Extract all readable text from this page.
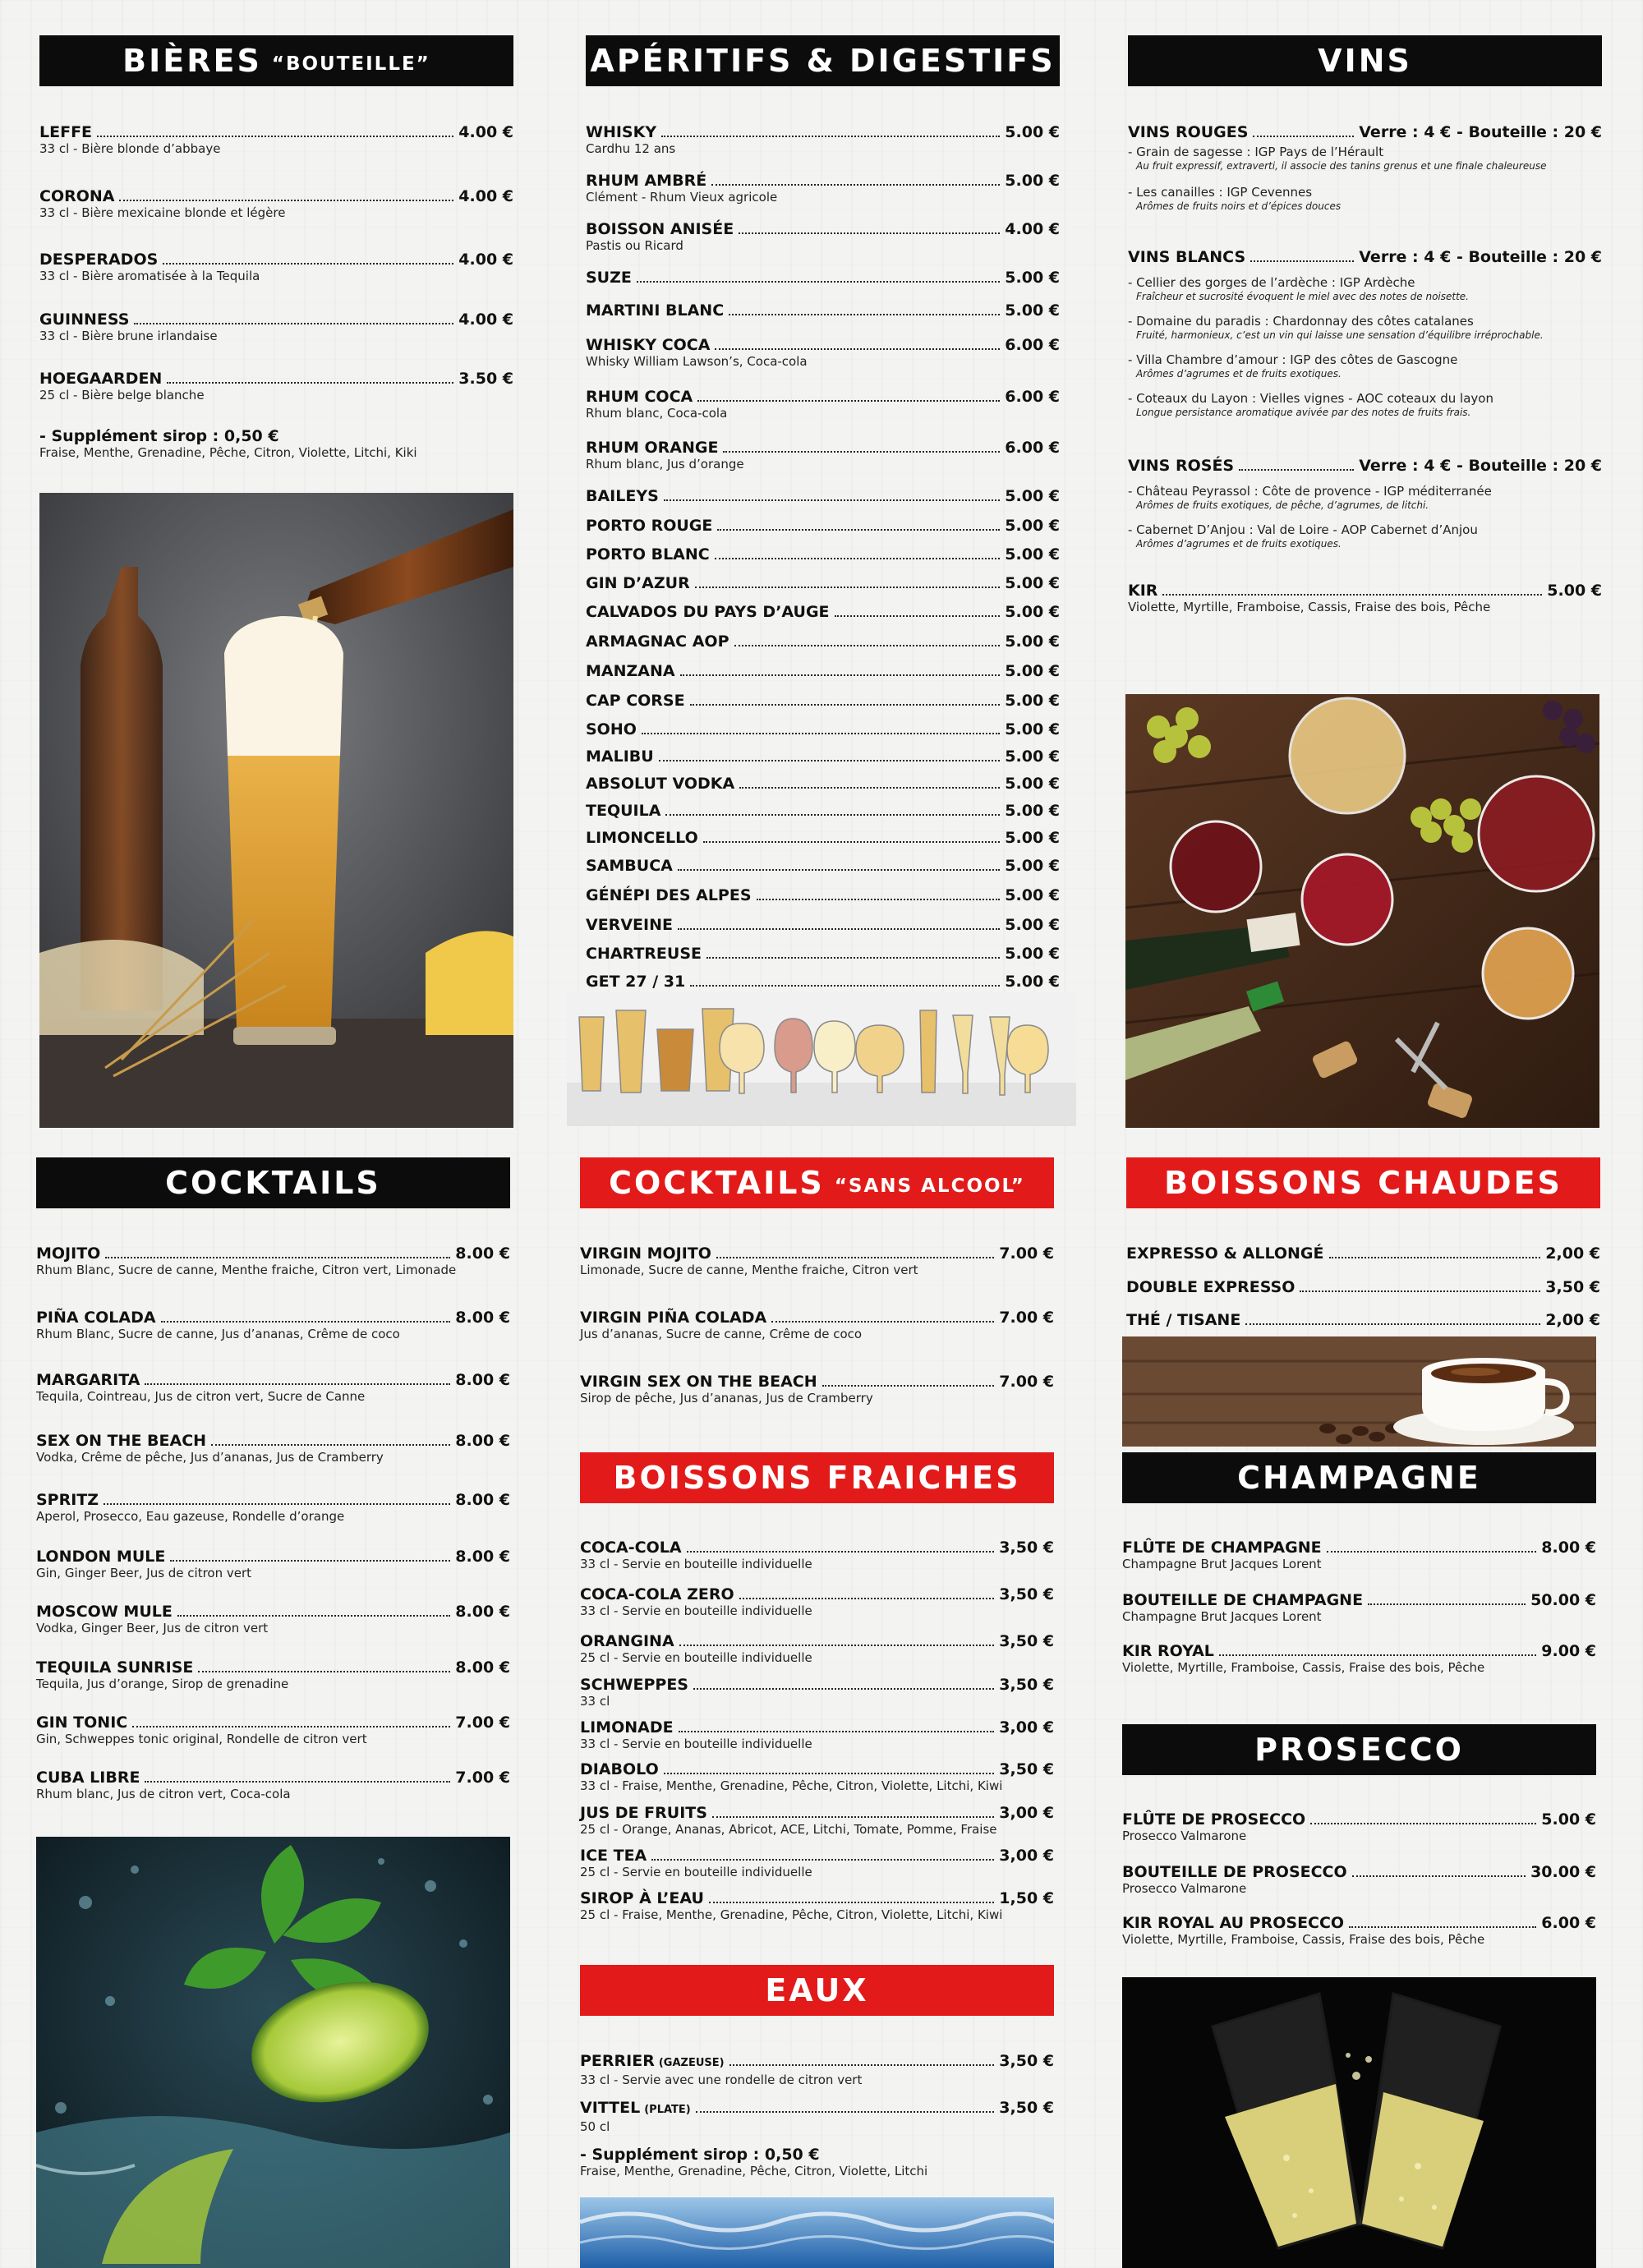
BIÈRES “BOUTEILLE”	APÉRITIFS & DIGESTIFS	VINS
COCKTAILS	COCKTAILS “SANS ALCOOL”	BOISSONS CHAUDES
BOISSONS FRAICHES	CHAMPAGNE
PROSECCO
EAUX
LEFFE	4.00 €
33 cl - Bière blonde d’abbaye
CORONA	4.00 €
33 cl - Bière mexicaine blonde et légère
DESPERADOS	4.00 €
33 cl - Bière aromatisée à la Tequila
GUINNESS	4.00 €
33 cl - Bière brune irlandaise
HOEGAARDEN	3.50 €
25 cl - Bière belge blanche
- Supplément sirop : 0,50 €
Fraise, Menthe, Grenadine, Pêche, Citron, Violette, Litchi, Kiki
WHISKY	5.00 €
Cardhu 12 ans
RHUM AMBRÉ	5.00 €
Clément - Rhum Vieux agricole
BOISSON ANISÉE	4.00 €
Pastis ou Ricard
SUZE	5.00 €
MARTINI BLANC	5.00 €
WHISKY COCA	6.00 €
Whisky William Lawson’s, Coca-cola
RHUM COCA	6.00 €
Rhum blanc, Coca-cola
RHUM ORANGE	6.00 €
Rhum blanc, Jus d’orange
BAILEYS	5.00 €
PORTO ROUGE	5.00 €
PORTO BLANC	5.00 €
GIN D’AZUR	5.00 €
CALVADOS DU PAYS D’AUGE	5.00 €
ARMAGNAC AOP	5.00 €
MANZANA	5.00 €
CAP CORSE	5.00 €
SOHO	5.00 €
MALIBU	5.00 €
ABSOLUT VODKA	5.00 €
TEQUILA	5.00 €
LIMONCELLO	5.00 €
SAMBUCA	5.00 €
GÉNÉPI DES ALPES	5.00 €
VERVEINE	5.00 €
CHARTREUSE	5.00 €
GET 27 / 31	5.00 €
VINS ROUGES	Verre : 4 € - Bouteille : 20 €
- Grain de sagesse : IGP Pays de l’Hérault
Au fruit expressif, extraverti, il associe des tanins grenus et une finale chaleureuse
- Les canailles : IGP Cevennes
Arômes de fruits noirs et d’épices douces
VINS BLANCS	Verre : 4 € - Bouteille : 20 €
- Cellier des gorges de l’ardèche : IGP Ardèche
Fraîcheur et sucrosité évoquent le miel avec des notes de noisette.
- Domaine du paradis : Chardonnay des côtes catalanes
Fruité, harmonieux, c’est un vin qui laisse une sensation d’équilibre irréprochable.
- Villa Chambre d’amour : IGP des côtes de Gascogne
Arômes d’agrumes et de fruits exotiques.
- Coteaux du Layon : Vielles vignes - AOC coteaux du layon
Longue persistance aromatique avivée par des notes de fruits frais.
VINS ROSÉS	Verre : 4 € - Bouteille : 20 €
- Château Peyrassol : Côte de provence - IGP méditerranée
Arômes de fruits exotiques, de pêche, d’agrumes, de litchi.
- Cabernet D’Anjou : Val de Loire - AOP Cabernet d’Anjou
Arômes d’agrumes et de fruits exotiques.
KIR	5.00 €
Violette, Myrtille, Framboise, Cassis, Fraise des bois, Pêche
MOJITO	8.00 €
Rhum Blanc, Sucre de canne, Menthe fraiche, Citron vert, Limonade
PIÑA COLADA	8.00 €
Rhum Blanc, Sucre de canne, Jus d’ananas, Crême de coco
MARGARITA	8.00 €
Tequila, Cointreau, Jus de citron vert, Sucre de Canne
SEX ON THE BEACH	8.00 €
Vodka, Crême de pêche, Jus d’ananas, Jus de Cramberry
SPRITZ	8.00 €
Aperol, Prosecco, Eau gazeuse, Rondelle d’orange
LONDON MULE	8.00 €
Gin, Ginger Beer, Jus de citron vert
MOSCOW MULE	8.00 €
Vodka, Ginger Beer, Jus de citron vert
TEQUILA SUNRISE	8.00 €
Tequila, Jus d’orange, Sirop de grenadine
GIN TONIC	7.00 €
Gin, Schweppes tonic original, Rondelle de citron vert
CUBA LIBRE	7.00 €
Rhum blanc, Jus de citron vert, Coca-cola
VIRGIN MOJITO	7.00 €
Limonade, Sucre de canne, Menthe fraiche, Citron vert
VIRGIN PIÑA COLADA	7.00 €
Jus d’ananas, Sucre de canne, Crême de coco
VIRGIN SEX ON THE BEACH	7.00 €
Sirop de pêche, Jus d’ananas, Jus de Cramberry
COCA-COLA	3,50 €
33 cl - Servie en bouteille individuelle
COCA-COLA ZERO	3,50 €
33 cl - Servie en bouteille individuelle
ORANGINA	3,50 €
25 cl - Servie en bouteille individuelle
SCHWEPPES	3,50 €
33 cl
LIMONADE	3,00 €
33 cl - Servie en bouteille individuelle
DIABOLO	3,50 €
33 cl - Fraise, Menthe, Grenadine, Pêche, Citron, Violette, Litchi, Kiwi
JUS DE FRUITS	3,00 €
25 cl - Orange, Ananas, Abricot, ACE, Litchi, Tomate, Pomme, Fraise
ICE TEA	3,00 €
25 cl - Servie en bouteille individuelle
SIROP À L’EAU	1,50 €
25 cl - Fraise, Menthe, Grenadine, Pêche, Citron, Violette, Litchi, Kiwi
PERRIER (GAZEUSE)	3,50 €
33 cl - Servie avec une rondelle de citron vert
VITTEL (PLATE)	3,50 €
50 cl
- Supplément sirop : 0,50 €
Fraise, Menthe, Grenadine, Pêche, Citron, Violette, Litchi
EXPRESSO & ALLONGÉ	2,00 €
DOUBLE EXPRESSO	3,50 €
THÉ / TISANE	2,00 €
FLÛTE DE CHAMPAGNE	8.00 €
Champagne Brut Jacques Lorent
BOUTEILLE DE CHAMPAGNE	50.00 €
Champagne Brut Jacques Lorent
KIR ROYAL	9.00 €
Violette, Myrtille, Framboise, Cassis, Fraise des bois, Pêche
FLÛTE DE PROSECCO	5.00 €
Prosecco Valmarone
BOUTEILLE DE PROSECCO	30.00 €
Prosecco Valmarone
KIR ROYAL AU PROSECCO	6.00 €
Violette, Myrtille, Framboise, Cassis, Fraise des bois, Pêche
